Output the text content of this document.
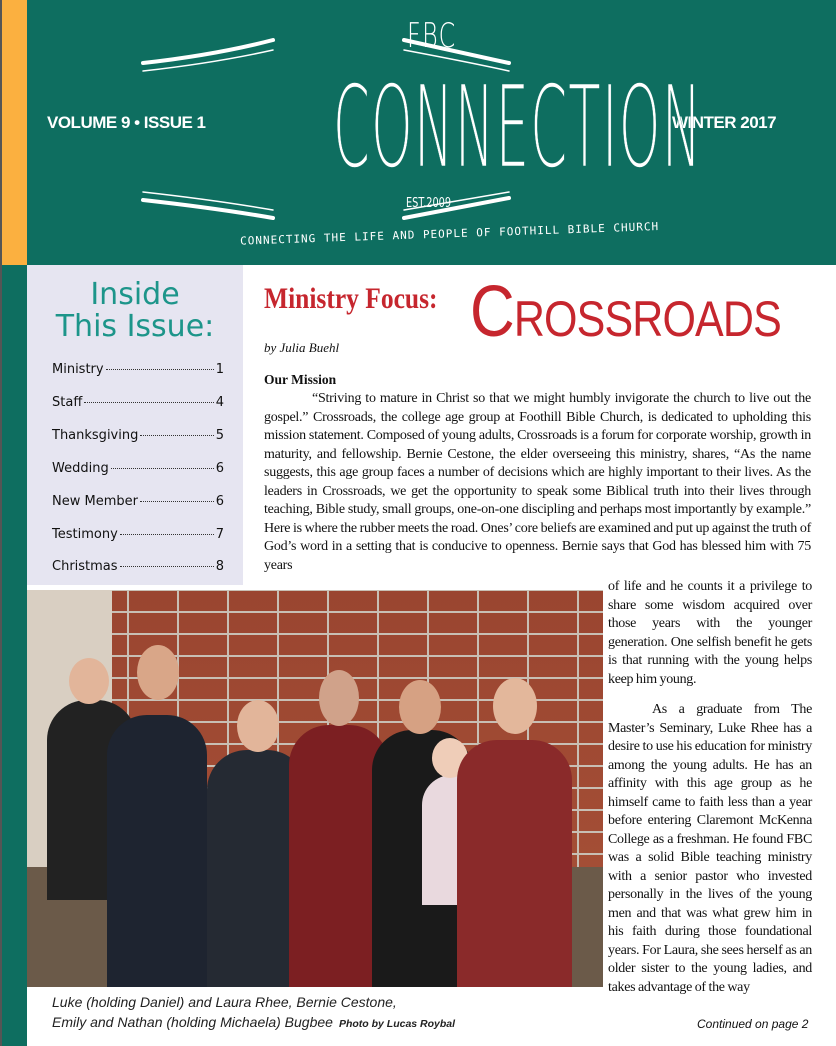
VOLUME 9 • ISSUE 1	WINTER 2017
FBC
CONNECTION
EST.2009
CONNECTING THE LIFE AND PEOPLE OF FOOTHILL BIBLE CHURCH
Inside
This Issue:
Ministry	1
Staff	4
Thanksgiving	5
Wedding	6
New Member	6
Testimony	7
Christmas	8
Ministry Focus: Crossroads
by Julia Buehl
Our Mission

“Striving to mature in Christ so that we might humbly invigorate the church to live out the gospel.” Crossroads, the college age group at Foothill Bible Church, is dedicated to upholding this mission statement. Composed of young adults, Crossroads is a forum for corporate worship, growth in maturity, and fellowship. Bernie Cestone, the elder overseeing this ministry, shares, “As the name suggests, this age group faces a number of decisions which are highly important to their lives. As the leaders in Crossroads, we get the opportunity to speak some Biblical truth into their lives through teaching, Bible study, small groups, one-on-one discipling and perhaps most importantly by example.” Here is where the rubber meets the road. Ones’ core beliefs are examined and put up against the truth of God’s word in a setting that is conducive to openness. Bernie says that God has blessed him with 75 years

of life and he counts it a privilege to share some wisdom acquired over those years with the younger generation. One selfish benefit he gets is that running with the young helps keep him young.

As a graduate from The Master’s Seminary, Luke Rhee has a desire to use his education for ministry among the young adults. He has an affinity with this age group as he himself came to faith less than a year before entering Claremont McKenna College as a freshman. He found FBC was a solid Bible teaching ministry with a senior pastor who invested personally in the lives of the young men and that was what grew him in his faith during those foundational years. For Laura, she sees herself as an older sister to the young ladies, and takes advantage of the way

Luke (holding Daniel) and Laura Rhee, Bernie Cestone,
Emily and Nathan (holding Michaela) Bugbee Photo by Lucas Roybal	Continued on page 2
